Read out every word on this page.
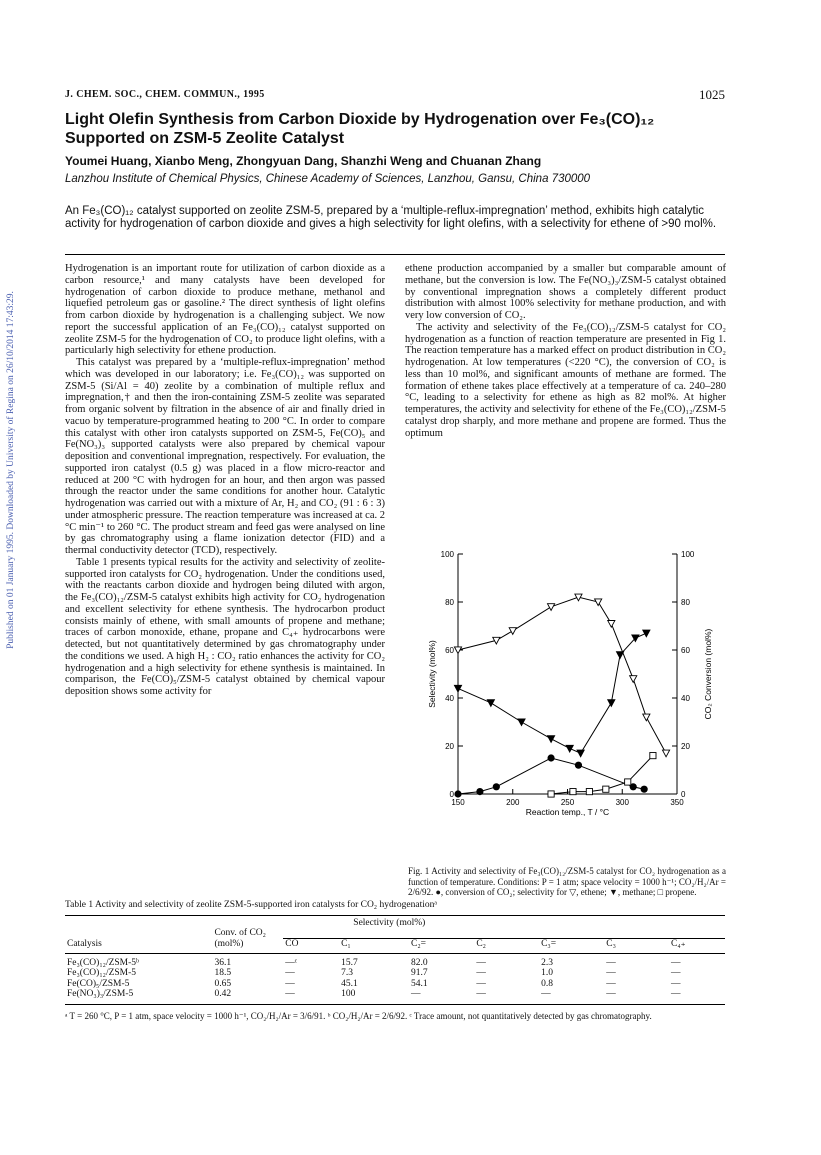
Published on 01 January 1995. Downloaded by University of Regina on 26/10/2014 17:43:29.
J. CHEM. SOC., CHEM. COMMUN., 1995	1025
Light Olefin Synthesis from Carbon Dioxide by Hydrogenation over Fe₃(CO)₁₂ Supported on ZSM-5 Zeolite Catalyst
Youmei Huang, Xianbo Meng, Zhongyuan Dang, Shanzhi Weng and Chuanan Zhang
Lanzhou Institute of Chemical Physics, Chinese Academy of Sciences, Lanzhou, Gansu, China 730000
An Fe₃(CO)₁₂ catalyst supported on zeolite ZSM-5, prepared by a ‘multiple-reflux-impregnation’ method, exhibits high catalytic activity for hydrogenation of carbon dioxide and gives a high selectivity for light olefins, with a selectivity for ethene of >90 mol%.

Hydrogenation is an important route for utilization of carbon dioxide as a carbon resource,¹ and many catalysts have been developed for hydrogenation of carbon dioxide to produce methane, methanol and liquefied petroleum gas or gasoline.² The direct synthesis of light olefins from carbon dioxide by hydrogenation is a challenging subject. We now report the successful application of an Fe₃(CO)₁₂ catalyst supported on zeolite ZSM-5 for the hydrogenation of CO₂ to produce light olefins, with a particularly high selectivity for ethene production.

This catalyst was prepared by a ‘multiple-reflux-impregnation’ method which was developed in our laboratory; i.e. Fe₃(CO)₁₂ was supported on ZSM-5 (Si/Al = 40) zeolite by a combination of multiple reflux and impregnation,† and then the iron-containing ZSM-5 zeolite was separated from organic solvent by filtration in the absence of air and finally dried in vacuo by temperature-programmed heating to 200 °C. In order to compare this catalyst with other iron catalysts supported on ZSM-5, Fe(CO)₅ and Fe(NO₃)₃ supported catalysts were also prepared by chemical vapour deposition and conventional impregnation, respectively. For evaluation, the supported iron catalyst (0.5 g) was placed in a flow micro-reactor and reduced at 200 °C with hydrogen for an hour, and then argon was passed through the reactor under the same conditions for another hour. Catalytic hydrogenation was carried out with a mixture of Ar, H₂ and CO₂ (91 : 6 : 3) under atmospheric pressure. The reaction temperature was increased at ca. 2 °C min⁻¹ to 260 °C. The product stream and feed gas were analysed on line by gas chromatography using a flame ionization detector (FID) and a thermal conductivity detector (TCD), respectively.

Table 1 presents typical results for the activity and selectivity of zeolite-supported iron catalysts for CO₂ hydrogenation. Under the conditions used, with the reactants carbon dioxide and hydrogen being diluted with argon, the Fe₃(CO)₁₂/ZSM-5 catalyst exhibits high activity for CO₂ hydrogenation and excellent selectivity for ethene synthesis. The hydrocarbon product consists mainly of ethene, with small amounts of propene and methane; traces of carbon monoxide, ethane, propane and C₄₊ hydrocarbons were detected, but not quantitatively determined by gas chromatography under the conditions we used. A high H₂ : CO₂ ratio enhances the activity for CO₂ hydrogenation and a high selectivity for ethene synthesis is maintained. In comparison, the Fe(CO)₅/ZSM-5 catalyst obtained by chemical vapour deposition shows some activity for

ethene production accompanied by a smaller but comparable amount of methane, but the conversion is low. The Fe(NO₃)₃/ZSM-5 catalyst obtained by conventional impregnation shows a completely different product distribution with almost 100% selectivity for methane production, and with very low conversion of CO₂.

The activity and selectivity of the Fe₃(CO)₁₂/ZSM-5 catalyst for CO₂ hydrogenation as a function of reaction temperature are presented in Fig 1. The reaction temperature has a marked effect on product distribution in CO₂ hydrogenation. At low temperatures (<220 °C), the conversion of CO₂ is less than 10 mol%, and significant amounts of methane are formed. The formation of ethene takes place effectively at a temperature of ca. 240–280 °C, leading to a selectivity for ethene as high as 82 mol%. At higher temperatures, the activity and selectivity for ethene of the Fe₃(CO)₁₂/ZSM-5 catalyst drop sharply, and more methane and propene are formed. Thus the optimum

0	0
20	20
40	40
60	60
80	80
100	100
150	200	250	300	350
Reaction temp., T / °C
Selectivity (mol%)	CO₂ Conversion (mol%)
Fig. 1 Activity and selectivity of Fe₃(CO)₁₂/ZSM-5 catalyst for CO₂ hydrogenation as a function of temperature. Conditions: P = 1 atm; space velocity = 1000 h⁻¹; CO₂/H₂/Ar = 2/6/92. ●, conversion of CO₂; selectivity for ▽, ethene; ▼, methane; □ propene.
Table 1 Activity and selectivity of zeolite ZSM-5-supported iron catalysts for CO₂ hydrogenationᵃ
		Selectivity (mol%)						
	Conv. of CO₂							
Catalysis	(mol%)	CO	C₁	C₂=	C₂	C₃=	C₃	C₄₊
Fe₃(CO)₁₂/ZSM-5ᵇ	36.1	—ᶜ	15.7	82.0	—	2.3	—	—
Fe₃(CO)₁₂/ZSM-5	18.5	—	7.3	91.7	—	1.0	—	—
Fe(CO)₅/ZSM-5	0.65	—	45.1	54.1	—	0.8	—	—
Fe(NO₃)₃/ZSM-5	0.42	—	100	—	—	—	—	—
ᵃ T = 260 °C, P = 1 atm, space velocity = 1000 h⁻¹, CO₂/H₂/Ar = 3/6/91. ᵇ CO₂/H₂/Ar = 2/6/92. ᶜ Trace amount, not quantitatively detected by gas chromatography.
